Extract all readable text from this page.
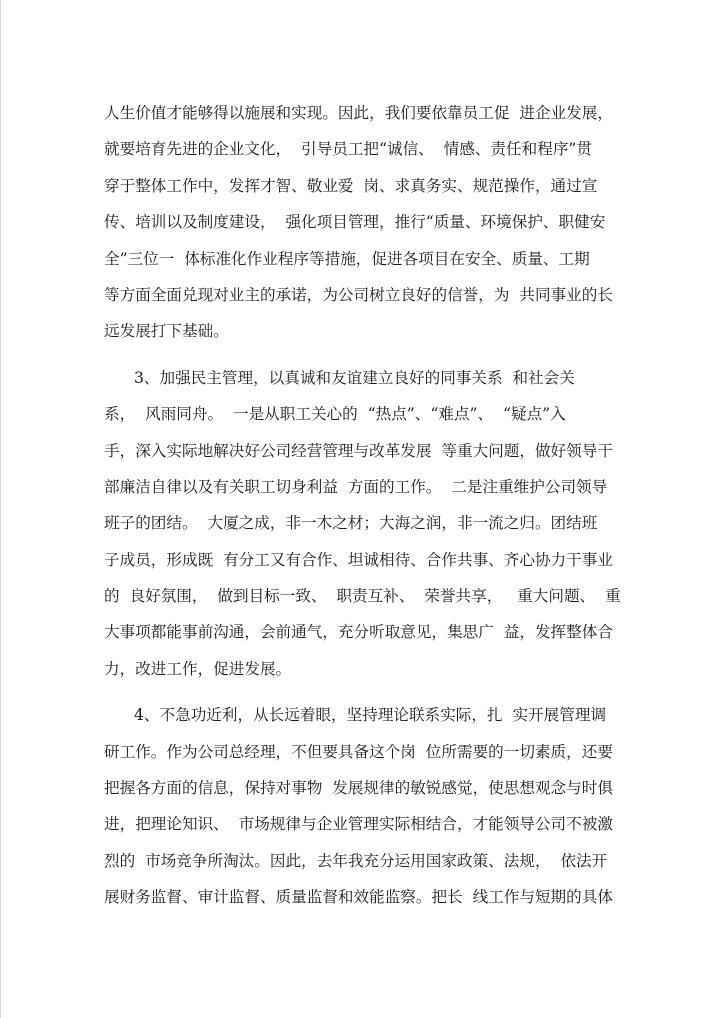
人生价值才能够得以施展和实现。因此，我们要依靠员工促  进企业发展，
就要培育先进的企业文化，  引导员工把“诚信、  情感、责任和程序”贯
穿于整体工作中，发挥才智、敬业爱  岗、求真务实、规范操作，通过宣
传、培训以及制度建设，  强化项目管理，推行“质量、环境保护、职健安
全”三位一  体标准化作业程序等措施，促进各项目在安全、质量、工期
等方面全面兑现对业主的承诺，为公司树立良好的信誉，为  共同事业的长
远发展打下基础。
3、加强民主管理，以真诚和友谊建立良好的同事关系  和社会关
系，  风雨同舟。  一是从职工关心的  “热点”、“难点”、  “疑点”入
手，深入实际地解决好公司经营管理与改革发展  等重大问题，做好领导干
部廉洁自律以及有关职工切身利益  方面的工作。  二是注重维护公司领导
班子的团结。  大厦之成，非一木之材；大海之润，非一流之归。团结班
子成员，形成既  有分工又有合作、坦诚相待、合作共事、齐心协力干事业
的  良好氛围，  做到目标一致、  职责互补、  荣誉共享，   重大问题、  重
大事项都能事前沟通，会前通气，充分听取意见，集思广  益，发挥整体合
力，改进工作，促进发展。
4、不急功近利，从长远着眼，坚持理论联系实际，扎  实开展管理调
研工作。作为公司总经理，不但要具备这个岗  位所需要的一切素质，还要
把握各方面的信息，保持对事物  发展规律的敏锐感觉，使思想观念与时俱
进，把理论知识、  市场规律与企业管理实际相结合，才能领导公司不被激
烈的  市场竞争所淘汰。因此，去年我充分运用国家政策、法规，  依法开
展财务监督、审计监督、质量监督和效能监察。把长  线工作与短期的具体
